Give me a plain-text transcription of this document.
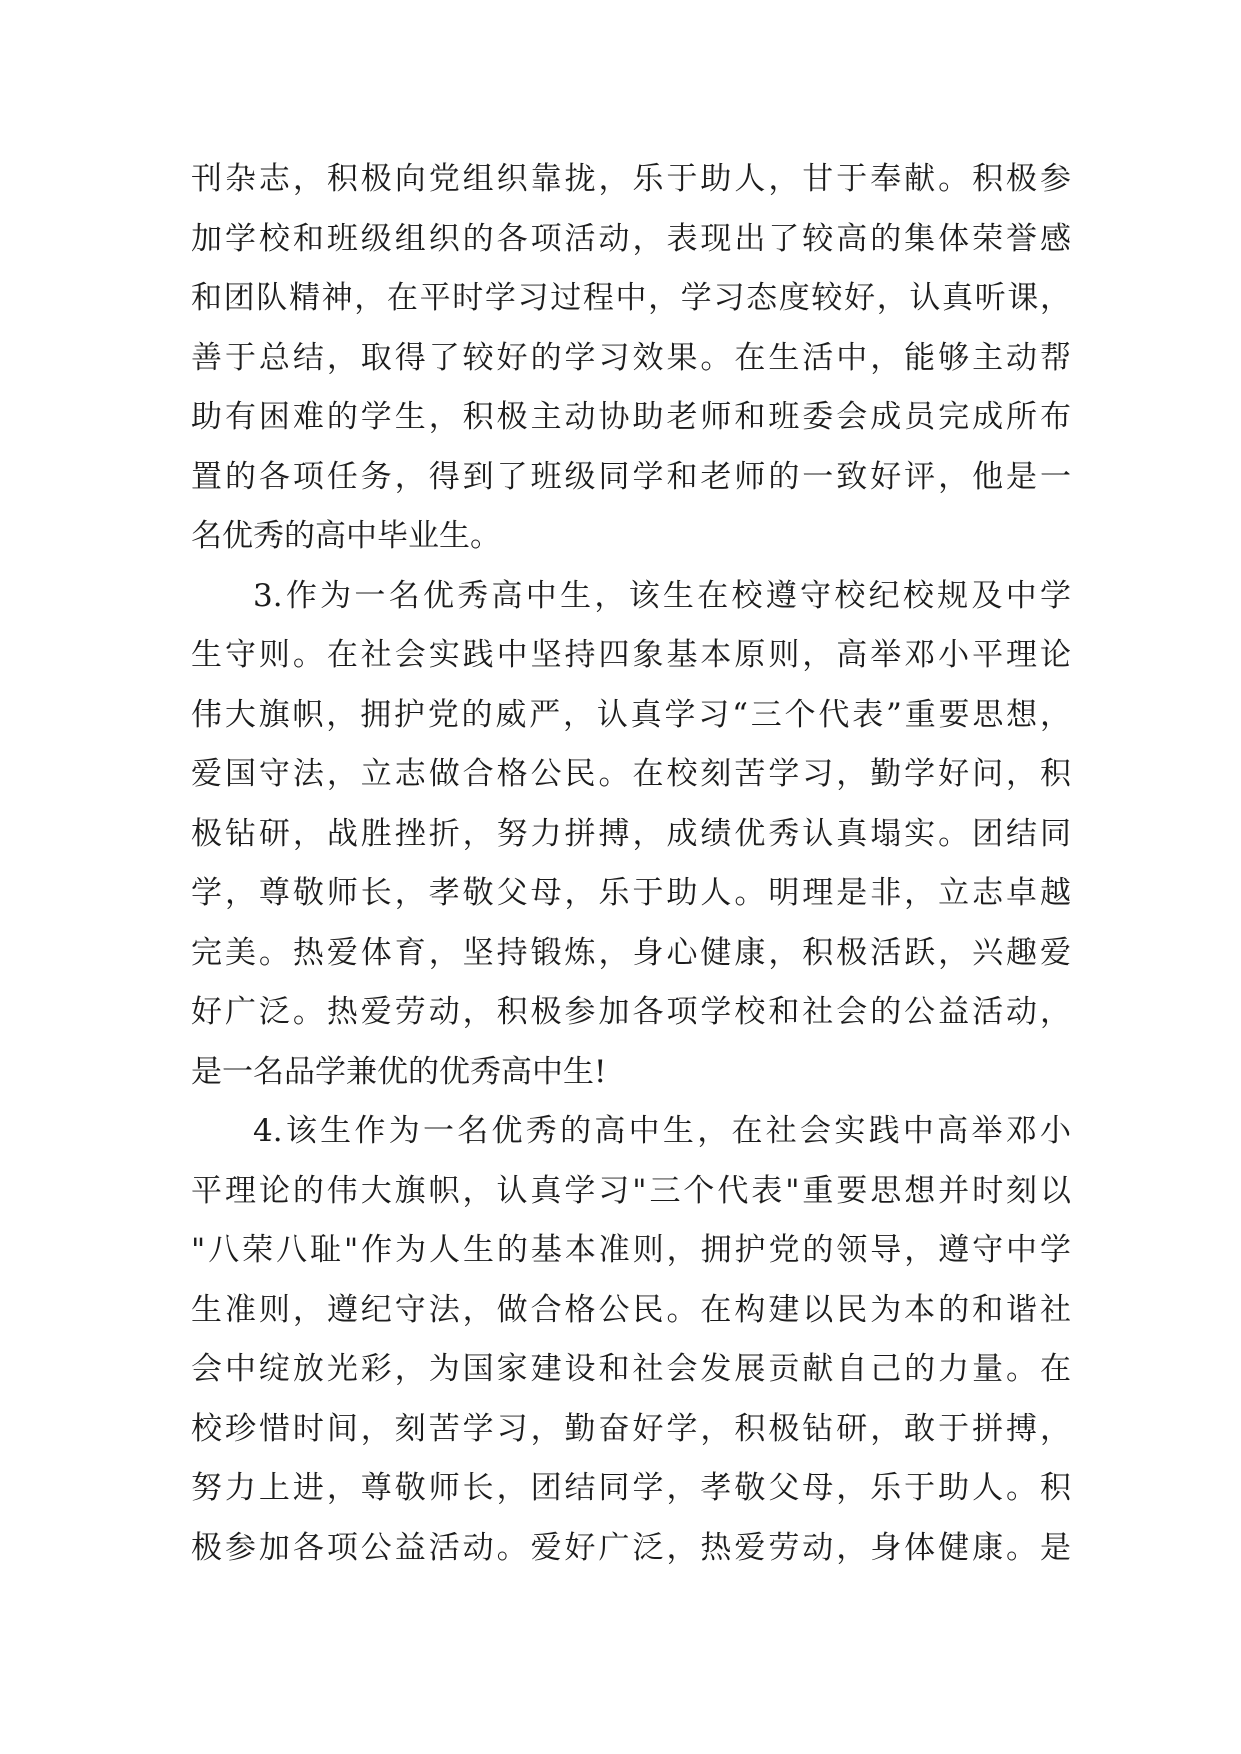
刊杂志，积极向党组织靠拢，乐于助人，甘于奉献。积极参
加学校和班级组织的各项活动，表现出了较高的集体荣誉感
和团队精神，在平时学习过程中，学习态度较好，认真听课，
善于总结，取得了较好的学习效果。在生活中，能够主动帮
助有困难的学生，积极主动协助老师和班委会成员完成所布
置的各项任务，得到了班级同学和老师的一致好评，他是一
名优秀的高中毕业生。
3.作为一名优秀高中生，该生在校遵守校纪校规及中学
生守则。在社会实践中坚持四象基本原则，高举邓小平理论
伟大旗帜，拥护党的威严，认真学习“三个代表”重要思想，
爱国守法，立志做合格公民。在校刻苦学习，勤学好问，积
极钻研，战胜挫折，努力拼搏，成绩优秀认真塌实。团结同
学，尊敬师长，孝敬父母，乐于助人。明理是非，立志卓越
完美。热爱体育，坚持锻炼，身心健康，积极活跃，兴趣爱
好广泛。热爱劳动，积极参加各项学校和社会的公益活动，
是一名品学兼优的优秀高中生!
4.该生作为一名优秀的高中生，在社会实践中高举邓小
平理论的伟大旗帜，认真学习"三个代表"重要思想并时刻以
"八荣八耻"作为人生的基本准则，拥护党的领导，遵守中学
生准则，遵纪守法，做合格公民。在构建以民为本的和谐社
会中绽放光彩，为国家建设和社会发展贡献自己的力量。在
校珍惜时间，刻苦学习，勤奋好学，积极钻研，敢于拼搏，
努力上进，尊敬师长，团结同学，孝敬父母，乐于助人。积
极参加各项公益活动。爱好广泛，热爱劳动，身体健康。是
